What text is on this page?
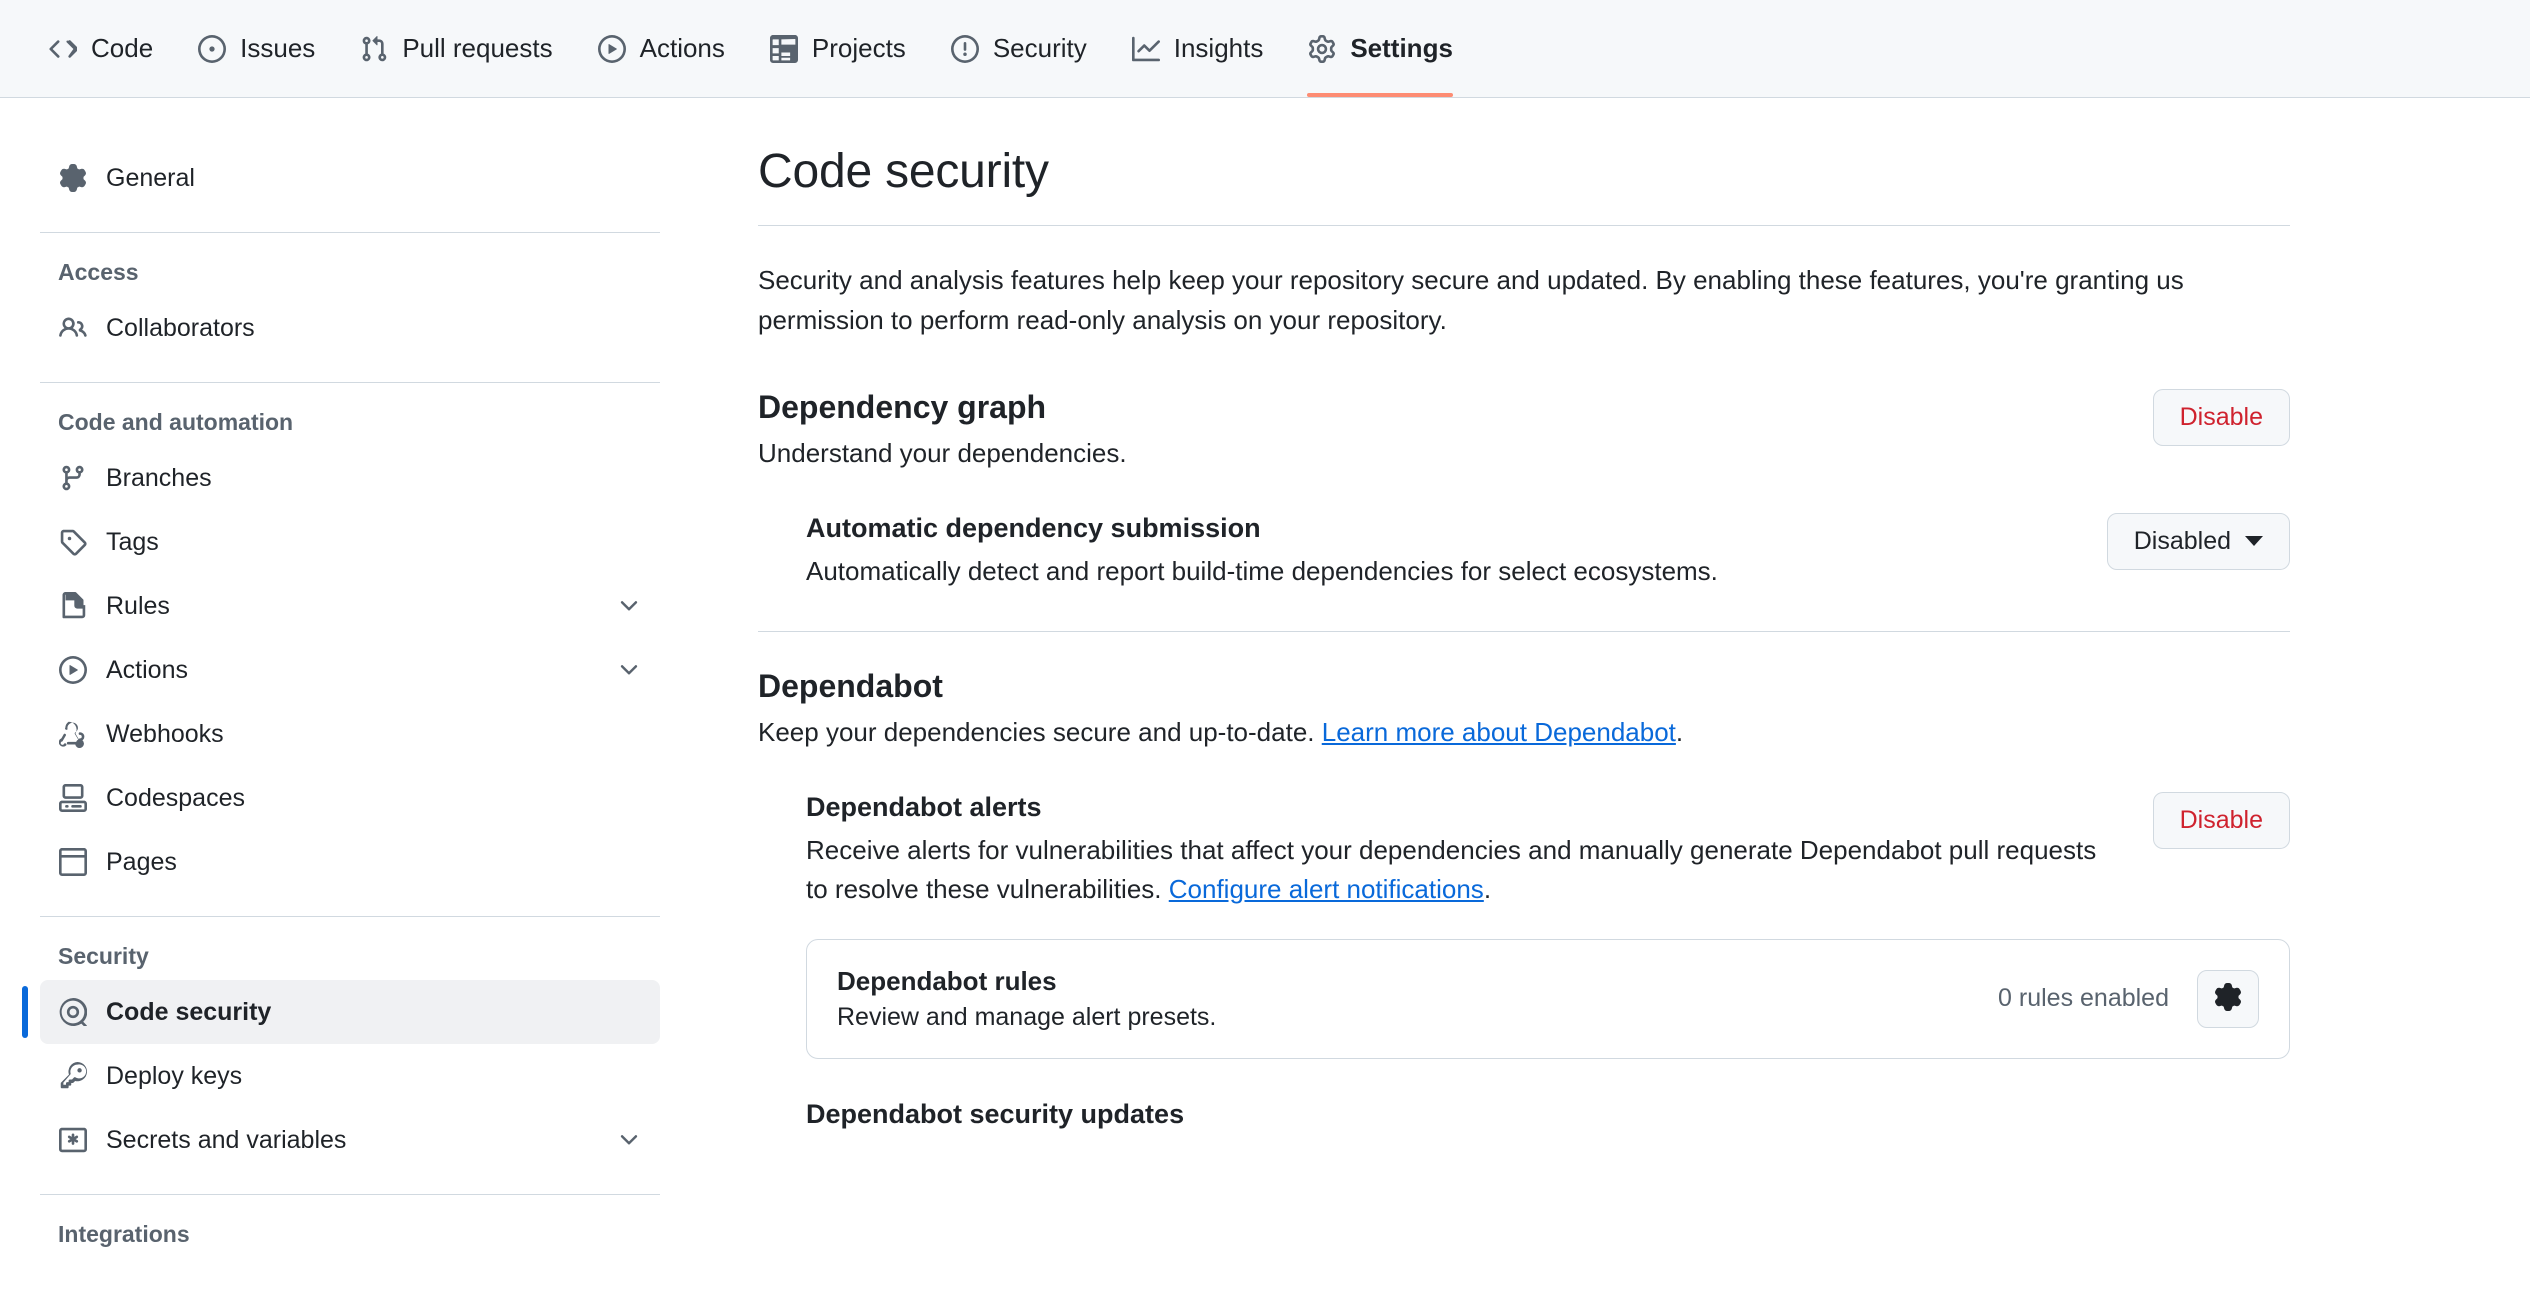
Code	Issues	Pull requests	Actions	Projects	Security	Insights	Settings
General
Access
Collaborators
Code and automation
Branches
Tags
Rules
Actions
Webhooks
Codespaces
Pages
Security
Code security
Deploy keys
Secrets and variables
Integrations
Code security

Security and analysis features help keep your repository secure and updated. By enabling these features, you're granting us permission to perform read-only analysis on your repository.

Dependency graph

Understand your dependencies.

Disable
Automatic dependency submission

Automatically detect and report build-time dependencies for select ecosystems.

Disabled
Dependabot

Keep your dependencies secure and up-to-date. Learn more about Dependabot.

Dependabot alerts

Receive alerts for vulnerabilities that affect your dependencies and manually generate Dependabot pull requests to resolve these vulnerabilities. Configure alert notifications.

Disable
Dependabot rules

Review and manage alert presets.

0 rules enabled
Dependabot security updates
